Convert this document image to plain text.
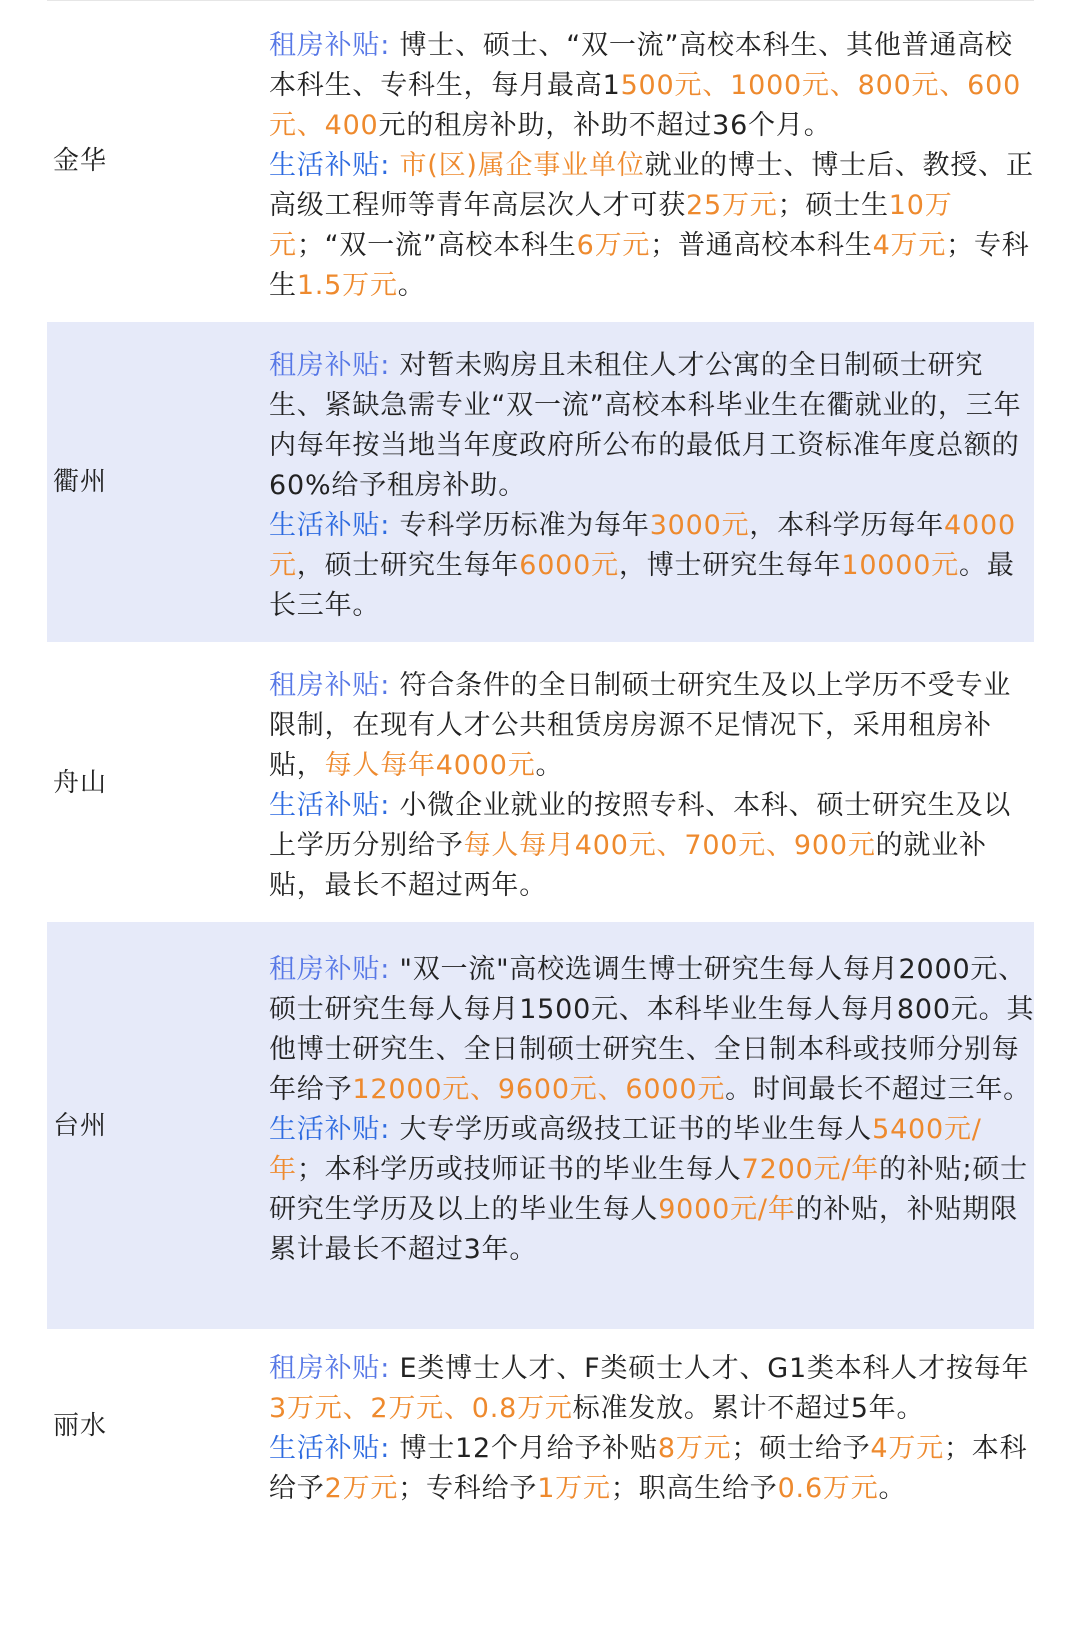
金华
租房补贴: 博士、硕士、“双一流”高校本科生、其他普通高校本科生、专科生，每月最高1500元、1000元、800元、600元、400元的租房补助，补助不超过36个月。
生活补贴: 市(区)属企事业单位就业的博士、博士后、教授、正高级工程师等青年高层次人才可获25万元；硕士生10万元；“双一流”高校本科生6万元；普通高校本科生4万元；专科生1.5万元。
衢州
租房补贴: 对暂未购房且未租住人才公寓的全日制硕士研究生、紧缺急需专业“双一流”高校本科毕业生在衢就业的，三年内每年按当地当年度政府所公布的最低月工资标准年度总额的60%给予租房补助。
生活补贴: 专科学历标准为每年3000元，本科学历每年4000元，硕士研究生每年6000元，博士研究生每年10000元。最长三年。
舟山
租房补贴: 符合条件的全日制硕士研究生及以上学历不受专业限制，在现有人才公共租赁房房源不足情况下，采用租房补贴，每人每年4000元。
生活补贴: 小微企业就业的按照专科、本科、硕士研究生及以上学历分别给予每人每月400元、700元、900元的就业补贴，最长不超过两年。
台州
租房补贴: "双一流"高校选调生博士研究生每人每月2000元、硕士研究生每人每月1500元、本科毕业生每人每月800元。其他博士研究生、全日制硕士研究生、全日制本科或技师分别每年给予12000元、9600元、6000元。时间最长不超过三年。
生活补贴: 大专学历或高级技工证书的毕业生每人5400元/年；本科学历或技师证书的毕业生每人7200元/年的补贴;硕士研究生学历及以上的毕业生每人9000元/年的补贴，补贴期限累计最长不超过3年。
丽水
租房补贴: E类博士人才、F类硕士人才、G1类本科人才按每年3万元、2万元、0.8万元标准发放。累计不超过5年。
生活补贴: 博士12个月给予补贴8万元；硕士给予4万元；本科给予2万元；专科给予1万元；职高生给予0.6万元。
